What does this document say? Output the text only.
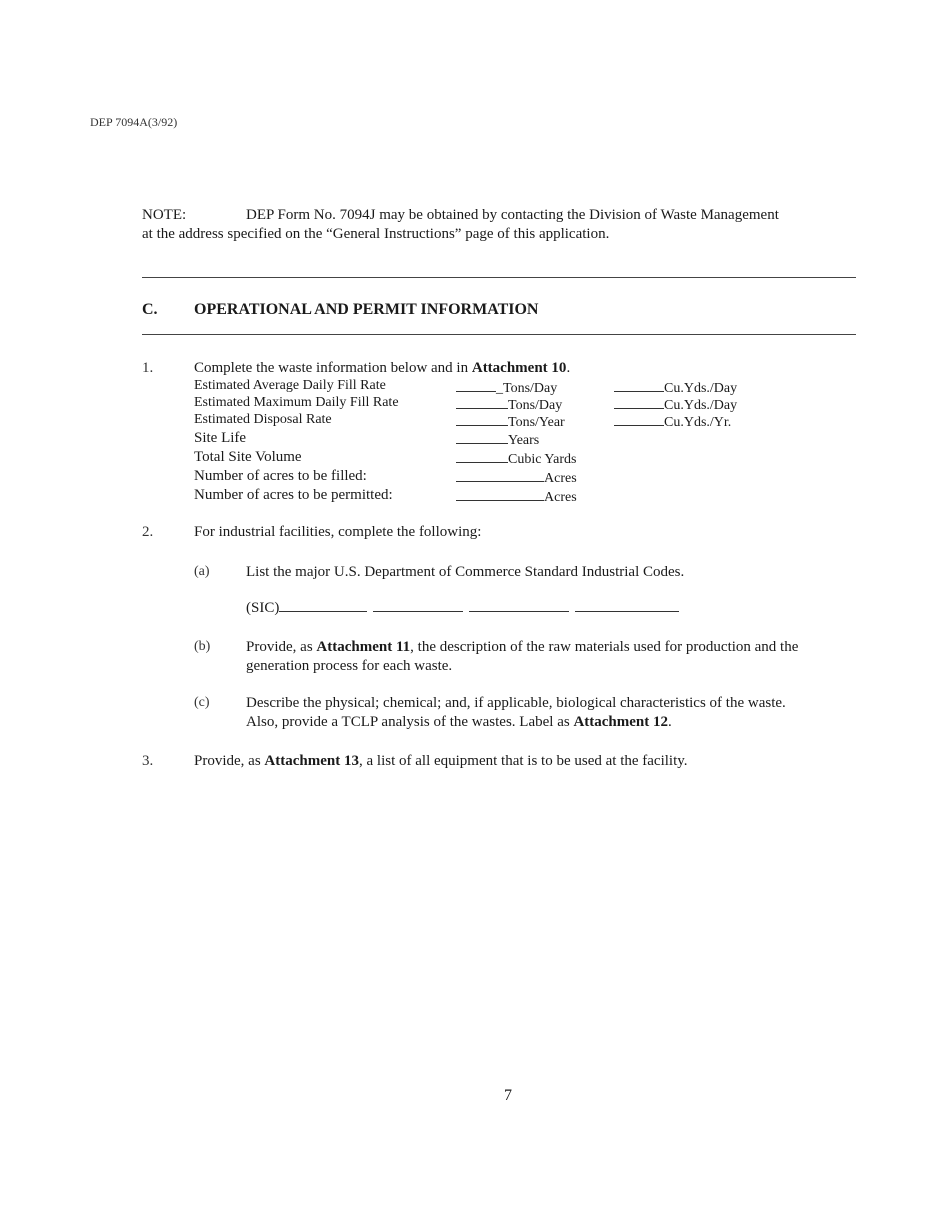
DEP 7094A(3/92)
NOTE:	DEP Form No. 7094J may be obtained by contacting the Division of Waste Management
at the address specified on the “General Instructions” page of this application.
C. OPERATIONAL AND PERMIT INFORMATION
1.	Complete the waste information below and in Attachment 10.
Estimated Average Daily Fill Rate	_Tons/Day	Cu.Yds./Day
Estimated Maximum Daily Fill Rate	Tons/Day	Cu.Yds./Day
Estimated Disposal Rate	Tons/Year	Cu.Yds./Yr.
Site Life	Years
Total Site Volume	Cubic Yards
Number of acres to be filled:	Acres
Number of acres to be permitted:	Acres
2.	For industrial facilities, complete the following:
(a) List the major U.S. Department of Commerce Standard Industrial Codes.
(SIC)
(b) Provide, as Attachment 11, the description of the raw materials used for production and the generation process for each waste.
(c) Describe the physical; chemical; and, if applicable, biological characteristics of the waste.
Also, provide a TCLP analysis of the wastes. Label as Attachment 12.
3.	Provide, as Attachment 13, a list of all equipment that is to be used at the facility.
7
